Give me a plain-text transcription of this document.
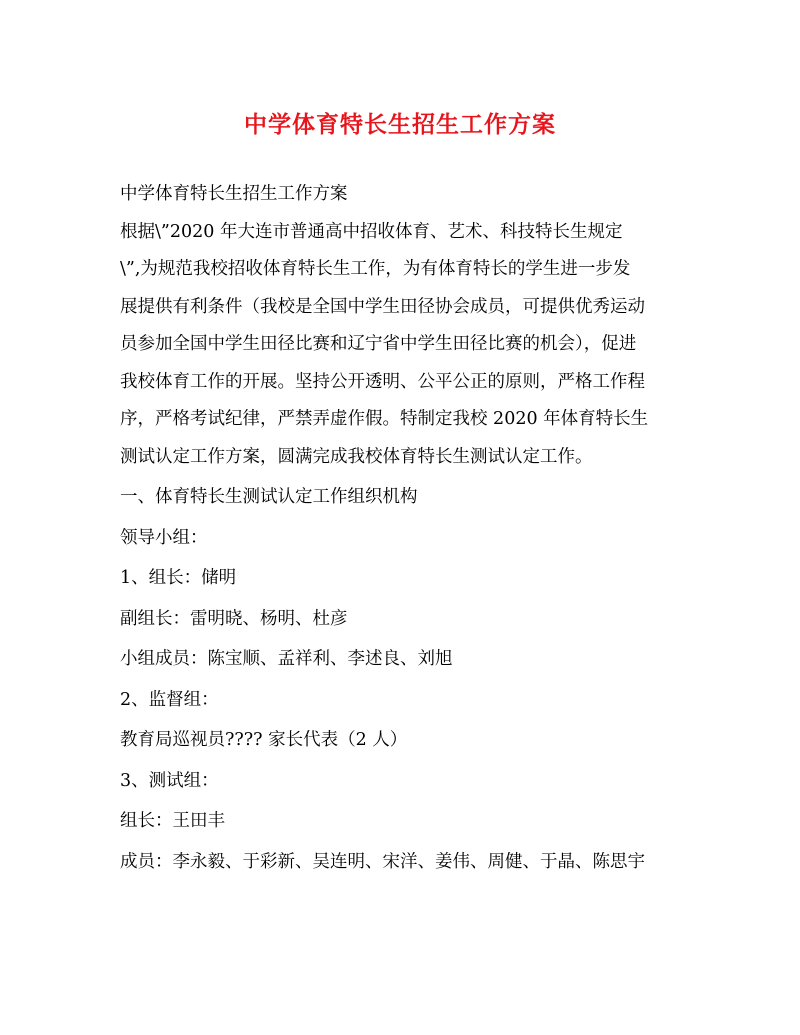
中学体育特长生招生工作方案
中学体育特长生招生工作方案
根据\”2020 年大连市普通高中招收体育、艺术、科技特长生规定
\”,为规范我校招收体育特长生工作，为有体育特长的学生进一步发
展提供有利条件（我校是全国中学生田径协会成员，可提供优秀运动
员参加全国中学生田径比赛和辽宁省中学生田径比赛的机会），促进
我校体育工作的开展。坚持公开透明、公平公正的原则，严格工作程
序，严格考试纪律，严禁弄虚作假。特制定我校 2020 年体育特长生
测试认定工作方案，圆满完成我校体育特长生测试认定工作。
一、体育特长生测试认定工作组织机构
领导小组：
1、组长：储明
副组长：雷明晓、杨明、杜彦
小组成员：陈宝顺、孟祥利、李述良、刘旭
2、监督组：
教育局巡视员???? 家长代表（2 人）
3、测试组：
组长：王田丰
成员：李永毅、于彩新、吴连明、宋洋、姜伟、周健、于晶、陈思宇
